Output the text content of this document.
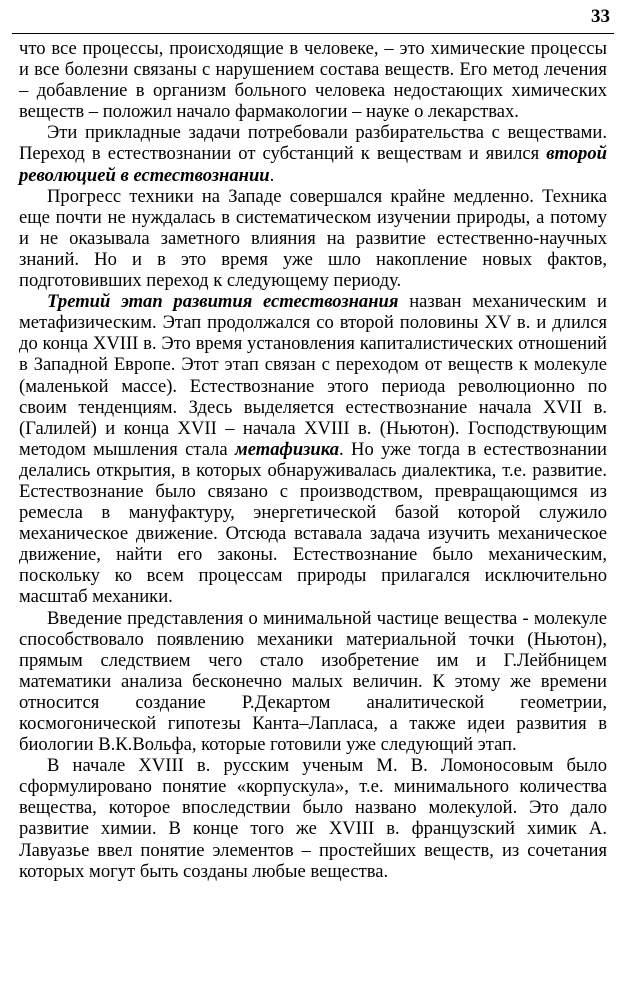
33

что все процессы, происходящие в человеке, – это химические процессы и все болезни связаны с нарушением состава веществ. Его метод лечения – добавление в организм больного человека недостающих химических веществ – положил начало фармакологии – науке о лекарствах.

Эти прикладные задачи потребовали разбирательства с веществами. Переход в естествознании от субстанций к веществам и явился второй революцией в естествознании.

Прогресс техники на Западе совершался крайне медленно. Техника еще почти не нуждалась в систематическом изучении природы, а потому и не оказывала заметного влияния на развитие естественно-научных знаний. Но и в это время уже шло накопление новых фактов, подготовивших переход к следующему периоду.

Третий этап развития естествознания назван механическим и метафизическим. Этап продолжался со второй половины XV в. и длился до конца XVIII в. Это время установления капиталистических отношений в Западной Европе. Этот этап связан с переходом от веществ к молекуле (маленькой массе). Естествознание этого периода революционно по своим тенденциям. Здесь выделяется естествознание начала XVII в. (Галилей) и конца XVII – начала XVIII в. (Ньютон). Господствующим методом мышления стала метафизика. Но уже тогда в естествознании делались открытия, в которых обнаруживалась диалектика, т.е. развитие. Естествознание было связано с производством, превращающимся из ремесла в мануфактуру, энергетической базой которой служило механическое движение. Отсюда вставала задача изучить механическое движение, найти его законы. Естествознание было механическим, поскольку ко всем процессам природы прилагался исключительно масштаб механики.

Введение представления о минимальной частице вещества - молекуле способствовало появлению механики материальной точки (Ньютон), прямым следствием чего стало изобретение им и Г.Лейбницем математики анализа бесконечно малых величин. К этому же времени относится создание Р.Декартом аналитической геометрии, космогонической гипотезы Канта–Лапласа, а также идеи развития в биологии В.К.Вольфа, которые готовили уже следующий этап.

В начале XVIII в. русским ученым М. В. Ломоносовым было сформулировано понятие «корпускула», т.е. минимального количества вещества, которое впоследствии было названо молекулой. Это дало развитие химии. В конце того же XVIII в. французский химик А. Лавуазье ввел понятие элементов – простейших веществ, из сочетания которых могут быть созданы любые вещества.
